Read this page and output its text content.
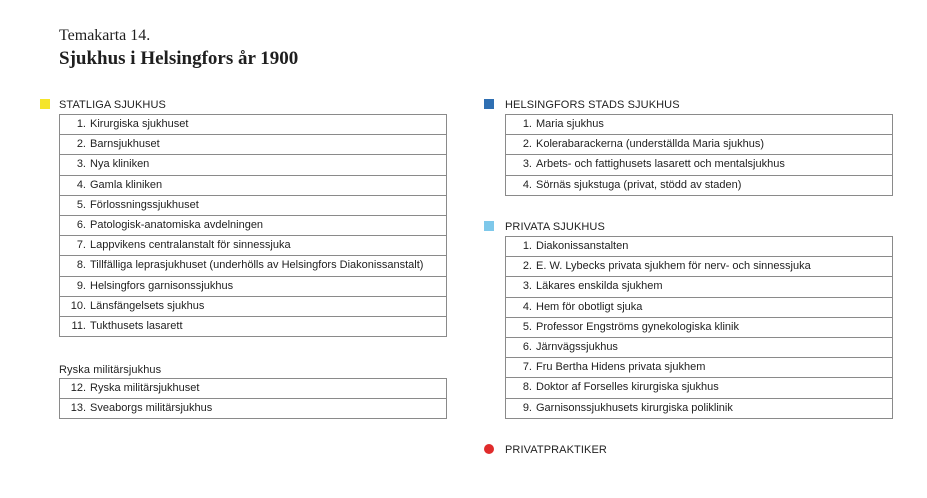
Temakarta 14.
Sjukhus i Helsingfors år 1900
STATLIGA SJUKHUS
1. Kirurgiska sjukhuset
2. Barnsjukhuset
3. Nya kliniken
4. Gamla kliniken
5. Förlossningssjukhuset
6. Patologisk-anatomiska avdelningen
7. Lappvikens centralanstalt för sinnessjuka
8. Tillfälliga leprasjukhuset (underhölls av Helsingfors Diakonissanstalt)
9. Helsingfors garnisonssjukhus
10. Länsfängelsets sjukhus
11. Tukthusets lasarett
Ryska militärsjukhus
12. Ryska militärsjukhuset
13. Sveaborgs militärsjukhus
HELSINGFORS STADS SJUKHUS
1. Maria sjukhus
2. Kolerabarackerna (underställda Maria sjukhus)
3. Arbets- och fattighusets lasarett och mentalsjukhus
4. Sörnäs sjukstuga (privat, stödd av staden)
PRIVATA SJUKHUS
1. Diakonissanstalten
2. E. W. Lybecks privata sjukhem för nerv- och sinnessjuka
3. Läkares enskilda sjukhem
4. Hem för obotligt sjuka
5. Professor Engströms gynekologiska klinik
6. Järnvägssjukhus
7. Fru Bertha Hidens privata sjukhem
8. Doktor af Forselles kirurgiska sjukhus
9. Garnisonssjukhusets kirurgiska poliklinik
PRIVATPRAKTIKER
